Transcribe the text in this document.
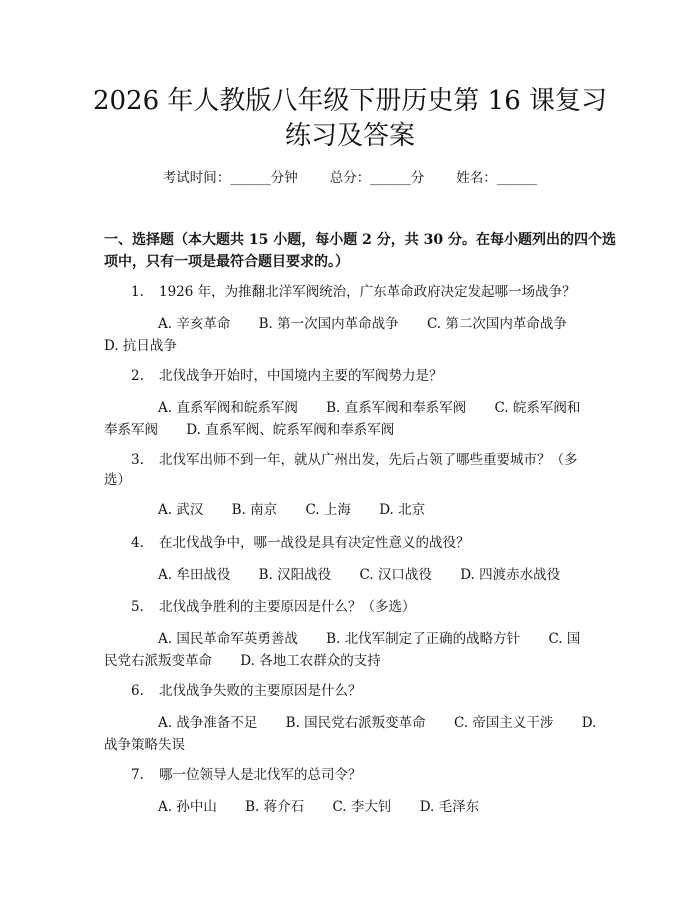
2026 年人教版八年级下册历史第 16 课复习
练习及答案
考试时间：______分钟 总分：______分 姓名：______
一、选择题（本大题共 15 小题，每小题 2 分，共 30 分。在每小题列出的四个选
项中，只有一项是最符合题目要求的。）
1. 1926 年，为推翻北洋军阀统治，广东革命政府决定发起哪一场战争？
A. 辛亥革命 B. 第一次国内革命战争 C. 第二次国内革命战争
D. 抗日战争
2. 北伐战争开始时，中国境内主要的军阀势力是？
A. 直系军阀和皖系军阀 B. 直系军阀和奉系军阀 C. 皖系军阀和
奉系军阀 D. 直系军阀、皖系军阀和奉系军阀
3. 北伐军出师不到一年，就从广州出发，先后占领了哪些重要城市？（多
选）
A. 武汉 B. 南京 C. 上海 D. 北京
4. 在北伐战争中，哪一战役是具有决定性意义的战役？
A. 牟田战役 B. 汉阳战役 C. 汉口战役 D. 四渡赤水战役
5. 北伐战争胜利的主要原因是什么？（多选）
A. 国民革命军英勇善战 B. 北伐军制定了正确的战略方针 C. 国
民党右派叛变革命 D. 各地工农群众的支持
6. 北伐战争失败的主要原因是什么？
A. 战争准备不足 B. 国民党右派叛变革命 C. 帝国主义干涉 D.
战争策略失误
7. 哪一位领导人是北伐军的总司令？
A. 孙中山 B. 蒋介石 C. 李大钊 D. 毛泽东
